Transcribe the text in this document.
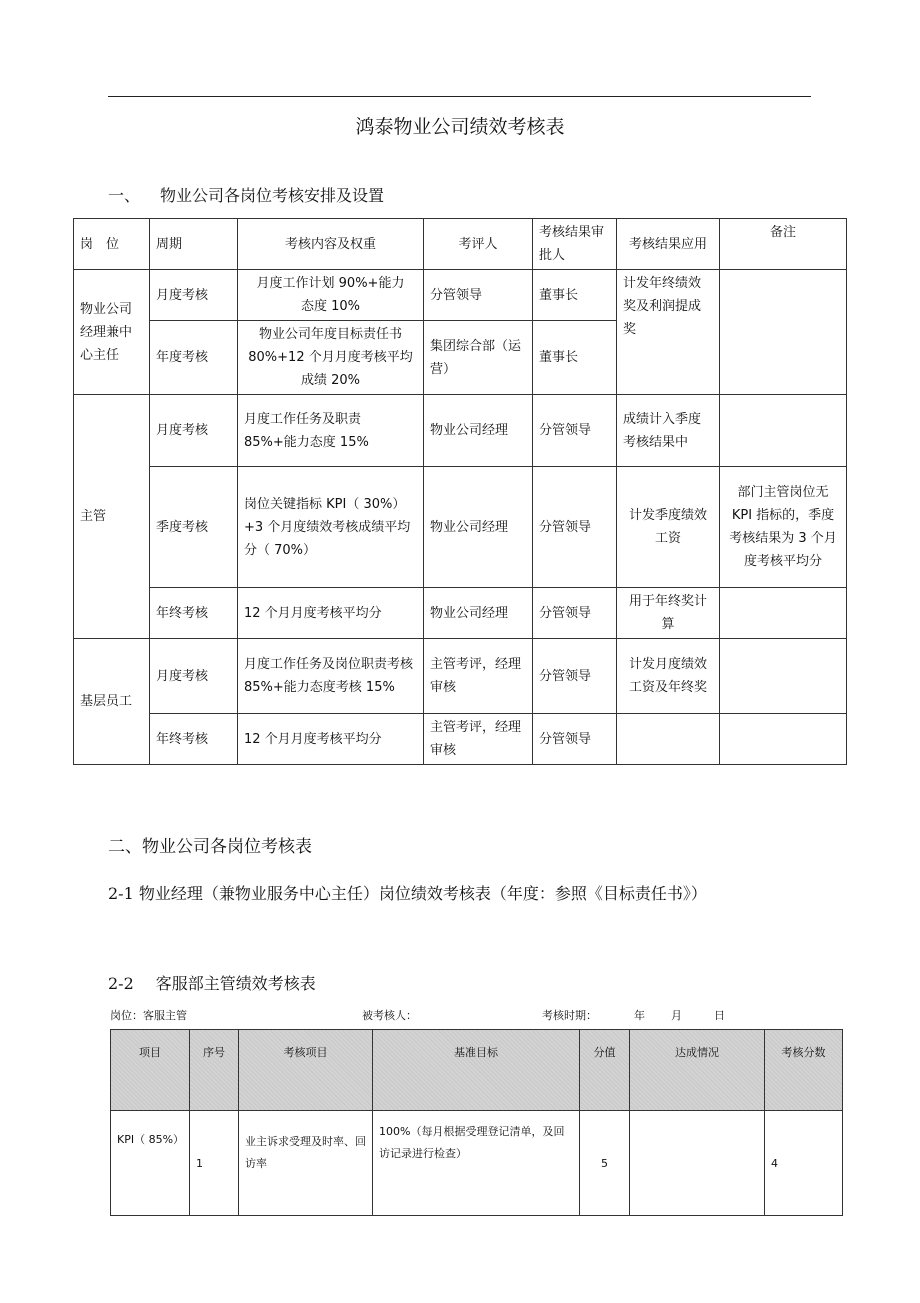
鸿泰物业公司绩效考核表
一、 物业公司各岗位考核安排及设置
岗　位	周期	考核内容及权重	考评人	考核结果审批人	考核结果应用	备注
物业公司经理兼中心主任	月度考核	月度工作计划 90%+能力　态度 10%	分管领导	董事长	计发年终绩效奖及利润提成奖	
	年度考核	物业公司年度目标责任书 80%+12 个月月度考核平均成绩 20%	集团综合部（运营）	董事长		
主管	月度考核	月度工作任务及职责 85%+能力态度 15%	物业公司经理	分管领导	成绩计入季度考核结果中	
	季度考核	岗位关键指标 KPI（ 30%）+3 个月度绩效考核成绩平均分（ 70%）	物业公司经理	分管领导	计发季度绩效工资	部门主管岗位无 KPI 指标的，季度考核结果为 3 个月度考核平均分
	年终考核	12 个月月度考核平均分	物业公司经理	分管领导	用于年终奖计算	
基层员工	月度考核	月度工作任务及岗位职责考核 85%+能力态度考核 15%	主管考评，经理审核	分管领导	计发月度绩效工资及年终奖	
	年终考核	12 个月月度考核平均分	主管考评，经理审核	分管领导		
二、物业公司各岗位考核表
2-1 物业经理（兼物业服务中心主任）岗位绩效考核表（年度：参照《目标责任书》）
2-2 客服部主管绩效考核表
岗位：客服主管	被考核人：	考核时期：	年 月	日
项目	序号	考核项目	基准目标	分值	达成情况	考核分数
KPI（ 85%）	1	业主诉求受理及时率、回访率	100%（每月根据受理登记清单，及回访记录进行检查）	5		4
